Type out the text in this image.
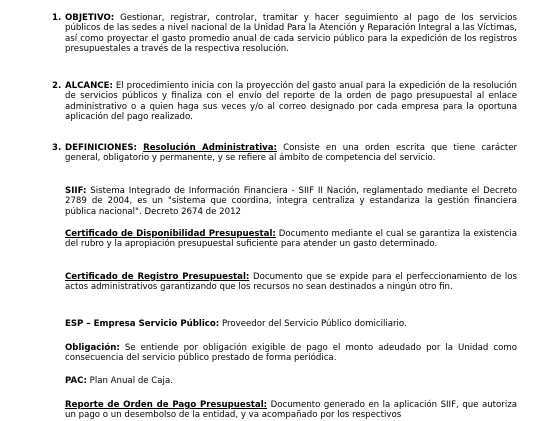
1. OBJETIVO: Gestionar, registrar, controlar, tramitar y hacer seguimiento al pago de los servicios públicos de las sedes a nivel nacional de la Unidad Para la Atención y Reparación Integral a las Víctimas, así como proyectar el gasto promedio anual de cada servicio público para la expedición de los registros presupuestales a través de la respectiva resolución.

2. ALCANCE: El procedimiento inicia con la proyección del gasto anual para la expedición de la resolución de servicios públicos y finaliza con el envío del reporte de la orden de pago presupuestal al enlace administrativo o a quien haga sus veces y/o al correo designado por cada empresa para la oportuna aplicación del pago realizado.

3. DEFINICIONES: Resolución Administrativa: Consiste en una orden escrita que tiene carácter general, obligatorio y permanente, y se refiere al ámbito de competencia del servicio.

SIIF: Sistema Integrado de Información Financiera - SIIF II Nación, reglamentado mediante el Decreto 2789 de 2004, es un "sistema que coordina, integra centraliza y estandariza la gestión financiera pública nacional". Decreto 2674 de 2012

Certificado de Disponibilidad Presupuestal: Documento mediante el cual se garantiza la existencia del rubro y la apropiación presupuestal suficiente para atender un gasto determinado.

Certificado de Registro Presupuestal: Documento que se expide para el perfeccionamiento de los actos administrativos garantizando que los recursos no sean destinados a ningún otro fin.

ESP – Empresa Servicio Público: Proveedor del Servicio Público domiciliario.

Obligación: Se entiende por obligación exigible de pago el monto adeudado por la Unidad como consecuencia del servicio público prestado de forma periódica.

PAC: Plan Anual de Caja.

Reporte de Orden de Pago Presupuestal: Documento generado en la aplicación SIIF, que autoriza un pago o un desembolso de la entidad, y va acompañado por los respectivos
